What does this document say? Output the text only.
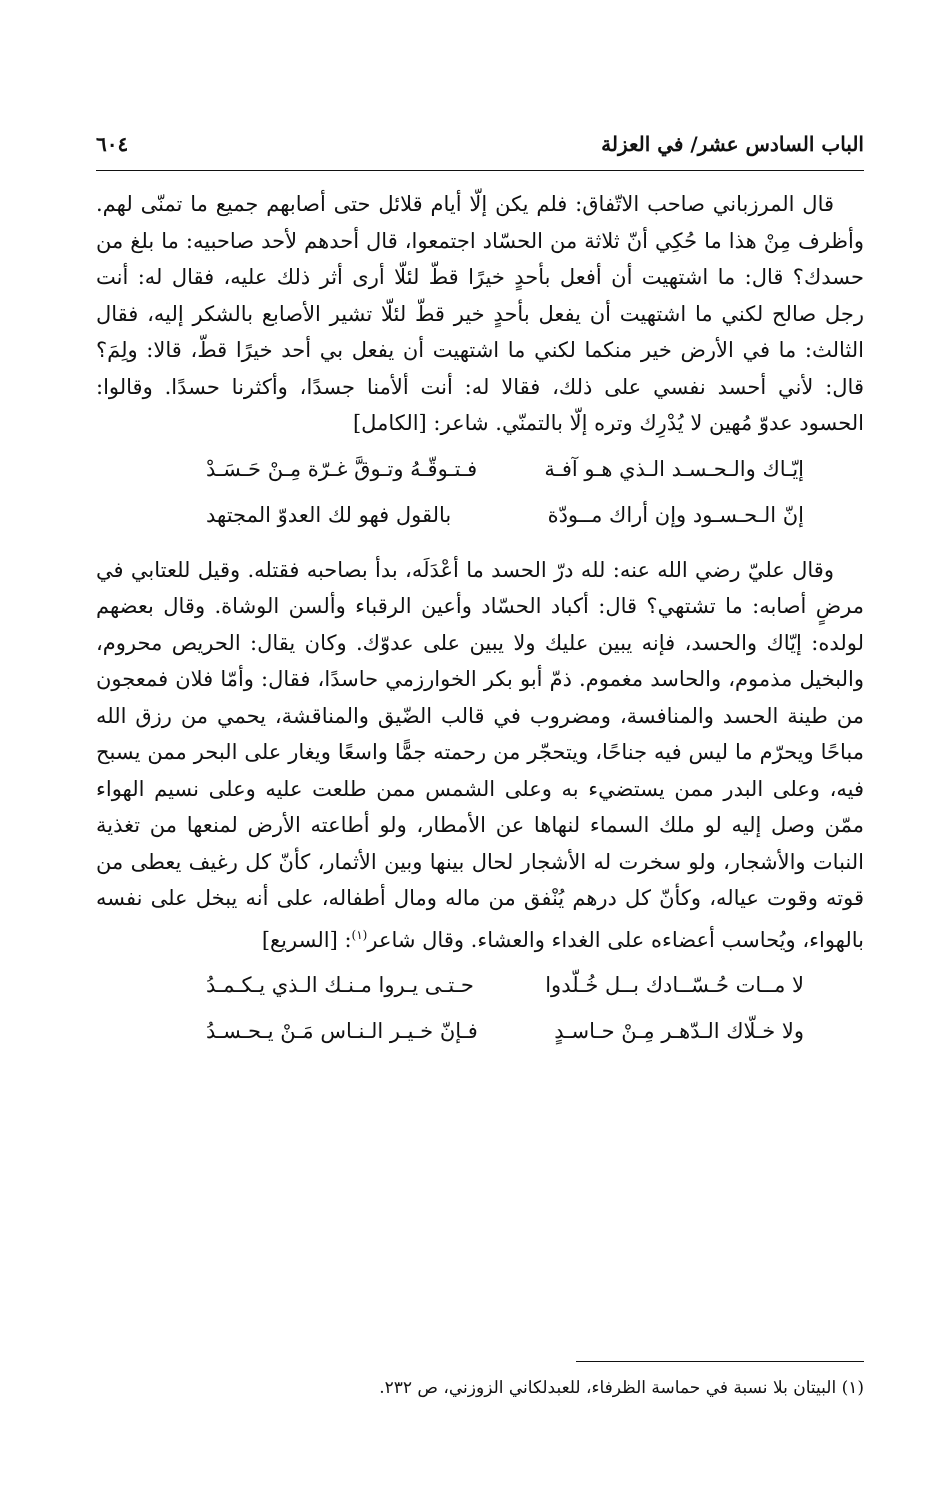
الباب السادس عشر/ في العزلة
٦٠٤

قال المرزباني صاحب الاتّفاق: فلم يكن إلّا أيام قلائل حتى أصابهم جميع ما تمنّى لهم. وأظرف مِنْ هذا ما حُكِي أنّ ثلاثة من الحسّاد اجتمعوا، قال أحدهم لأحد صاحبيه: ما بلغ من حسدك؟ قال: ما اشتهيت أن أفعل بأحدٍ خيرًا قطّ لئلّا أرى أثر ذلك عليه، فقال له: أنت رجل صالح لكني ما اشتهيت أن يفعل بأحدٍ خير قطّ لئلّا تشير الأصابع بالشكر إليه، فقال الثالث: ما في الأرض خير منكما لكني ما اشتهيت أن يفعل بي أحد خيرًا قطّ، قالا: ولِمَ؟ قال: لأني أحسد نفسي على ذلك، فقالا له: أنت ألأمنا جسدًا، وأكثرنا حسدًا. وقالوا: الحسود عدوّ مُهين لا يُدْرِك وتره إلّا بالتمنّي. شاعر: [الكامل]

إيّـاك والـحـسـد الـذي هـو آفـة
فـتـوقّـهُ وتـوقَّ غـرّة مِـنْ حَـسَـدْ
إنّ الـحـسـود وإن أراك مــودّة
بالقول فهو لك العدوّ المجتهد

وقال عليّ رضي الله عنه: لله درّ الحسد ما أعْدَلَه، بدأ بصاحبه فقتله. وقيل للعتابي في مرضٍ أصابه: ما تشتهي؟ قال: أكباد الحسّاد وأعين الرقباء وألسن الوشاة. وقال بعضهم لولده: إيّاك والحسد، فإنه يبين عليك ولا يبين على عدوّك. وكان يقال: الحريص محروم، والبخيل مذموم، والحاسد مغموم. ذمّ أبو بكر الخوارزمي حاسدًا، فقال: وأمّا فلان فمعجون من طينة الحسد والمنافسة، ومضروب في قالب الضّيق والمناقشة، يحمي من رزق الله مباحًا ويحرّم ما ليس فيه جناحًا، ويتحجّر من رحمته جمًّا واسعًا ويغار على البحر ممن يسبح فيه، وعلى البدر ممن يستضيء به وعلى الشمس ممن طلعت عليه وعلى نسيم الهواء ممّن وصل إليه لو ملك السماء لنهاها عن الأمطار، ولو أطاعته الأرض لمنعها من تغذية النبات والأشجار، ولو سخرت له الأشجار لحال بينها وبين الأثمار، كأنّ كل رغيف يعطى من قوته وقوت عياله، وكأنّ كل درهم يُنْفق من ماله ومال أطفاله، على أنه يبخل على نفسه بالهواء، ويُحاسب أعضاءه على الغداء والعشاء. وقال شاعر$^{(١)}$: [السريع]

لا مــات حُـسّــادك بــل خُـلّدوا
حـتـى يـروا مـنـك الـذي يـكـمـدُ
ولا خـلّاك الـدّهـر مِـنْ حـاسـدٍ
فـإنّ خـيـر الـنـاس مَـنْ يـحـسـدُ
(١) البيتان بلا نسبة في حماسة الظرفاء، للعبدلكاني الزوزني، ص ٢٣٢.
